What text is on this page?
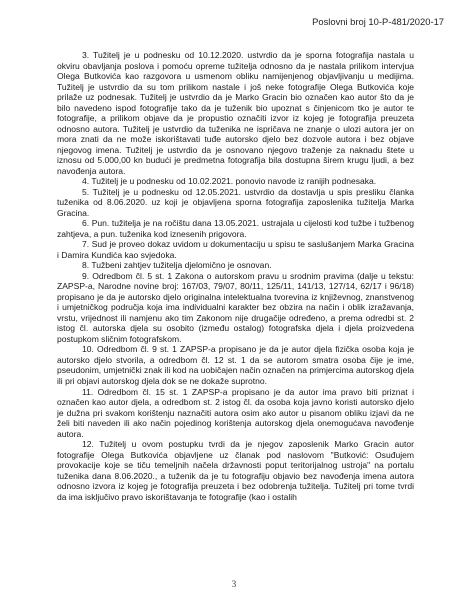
Poslovni broj 10-P-481/2020-17

3. Tužitelj je u podnesku od 10.12.2020. ustvrdio da je sporna fotografija nastala u okviru obavljanja poslova i pomoću opreme tužitelja odnosno da je nastala prilikom intervjua Olega Butkovića kao razgovora u usmenom obliku namijenjenog objavljivanju u medijima. Tužitelj je ustvrdio da su tom prilikom nastale i još neke fotografije Olega Butkovića koje prilaže uz podnesak. Tužitelj je ustvrdio da je Marko Gracin bio označen kao autor što da je bilo navedeno ispod fotografije tako da je tuženik bio upoznat s činjenicom tko je autor te fotografije, a prilikom objave da je propustio označiti izvor iz kojeg je fotografija preuzeta odnosno autora. Tužitelj je ustvrdio da tuženika ne ispričava ne znanje o ulozi autora jer on mora znati da ne može iskorištavati tuđe autorsko djelo bez dozvole autora i bez objave njegovog imena. Tužitelj je ustvrdio da je osnovano njegovo traženje za naknadu štete u iznosu od 5.000,00 kn budući je predmetna fotografija bila dostupna širem krugu ljudi, a bez navođenja autora.

4. Tužitelj je u podnesku od 10.02.2021. ponovio navode iz ranijih podnesaka.

5. Tužitelj je u podnesku od 12.05.2021. ustvrdio da dostavlja u spis presliku članka tuženika od 8.06.2020. uz koji je objavljena sporna fotografija zaposlenika tužitelja Marka Gracina.

6. Pun. tužitelja je na ročištu dana 13.05.2021. ustrajala u cijelosti kod tužbe i tužbenog zahtjeva, a pun. tuženika kod iznesenih prigovora.

7. Sud je proveo dokaz uvidom u dokumentaciju u spisu te saslušanjem Marka Gracina i Damira Kundića kao svjedoka.

8. Tužbeni zahtjev tužitelja djelomično je osnovan.

9. Odredbom čl. 5 st. 1 Zakona o autorskom pravu u srodnim pravima (dalje u tekstu: ZAPSP-a, Narodne novine broj: 167/03, 79/07, 80/11, 125/11, 141/13, 127/14, 62/17 i 96/18) propisano je da je autorsko djelo originalna intelektualna tvorevina iz književnog, znanstvenog i umjetničkog područja koja ima individualni karakter bez obzira na način i oblik izražavanja, vrstu, vrijednost ili namjenu ako tim Zakonom nije drugačije određeno, a prema odredbi st. 2 istog čl. autorska djela su osobito (između ostalog) fotografska djela i djela proizvedena postupkom sličnim fotografskom.

10. Odredbom čl. 9 st. 1 ZAPSP-a propisano je da je autor djela fizička osoba koja je autorsko djelo stvorila, a odredbom čl. 12 st. 1 da se autorom smatra osoba čije je ime, pseudonim, umjetnički znak ili kod na uobičajen način označen na primjercima autorskog djela ili pri objavi autorskog djela dok se ne dokaže suprotno.

11. Odredbom čl. 15 st. 1 ZAPSP-a propisano je da autor ima pravo biti priznat i označen kao autor djela, a odredbom st. 2 istog čl. da osoba koja javno koristi autorsko djelo je dužna pri svakom korištenju naznačiti autora osim ako autor u pisanom obliku izjavi da ne želi biti naveden ili ako način pojedinog korištenja autorskog djela onemogućava navođenje autora.

12. Tužitelj u ovom postupku tvrdi da je njegov zaposlenik Marko Gracin autor fotografije Olega Butkovića objavljene uz članak pod naslovom "Butković: Osuđujem provokacije koje se tiču temeljnih načela državnosti poput teritorijalnog ustroja" na portalu tuženika dana 8.06.2020., a tuženik da je tu fotografiju objavio bez navođenja imena autora odnosno izvora iz kojeg je fotografija preuzeta i bez odobrenja tužitelja. Tužitelj pri tome tvrdi da ima isključivo pravo iskorištavanja te fotografije (kao i ostalih

3
